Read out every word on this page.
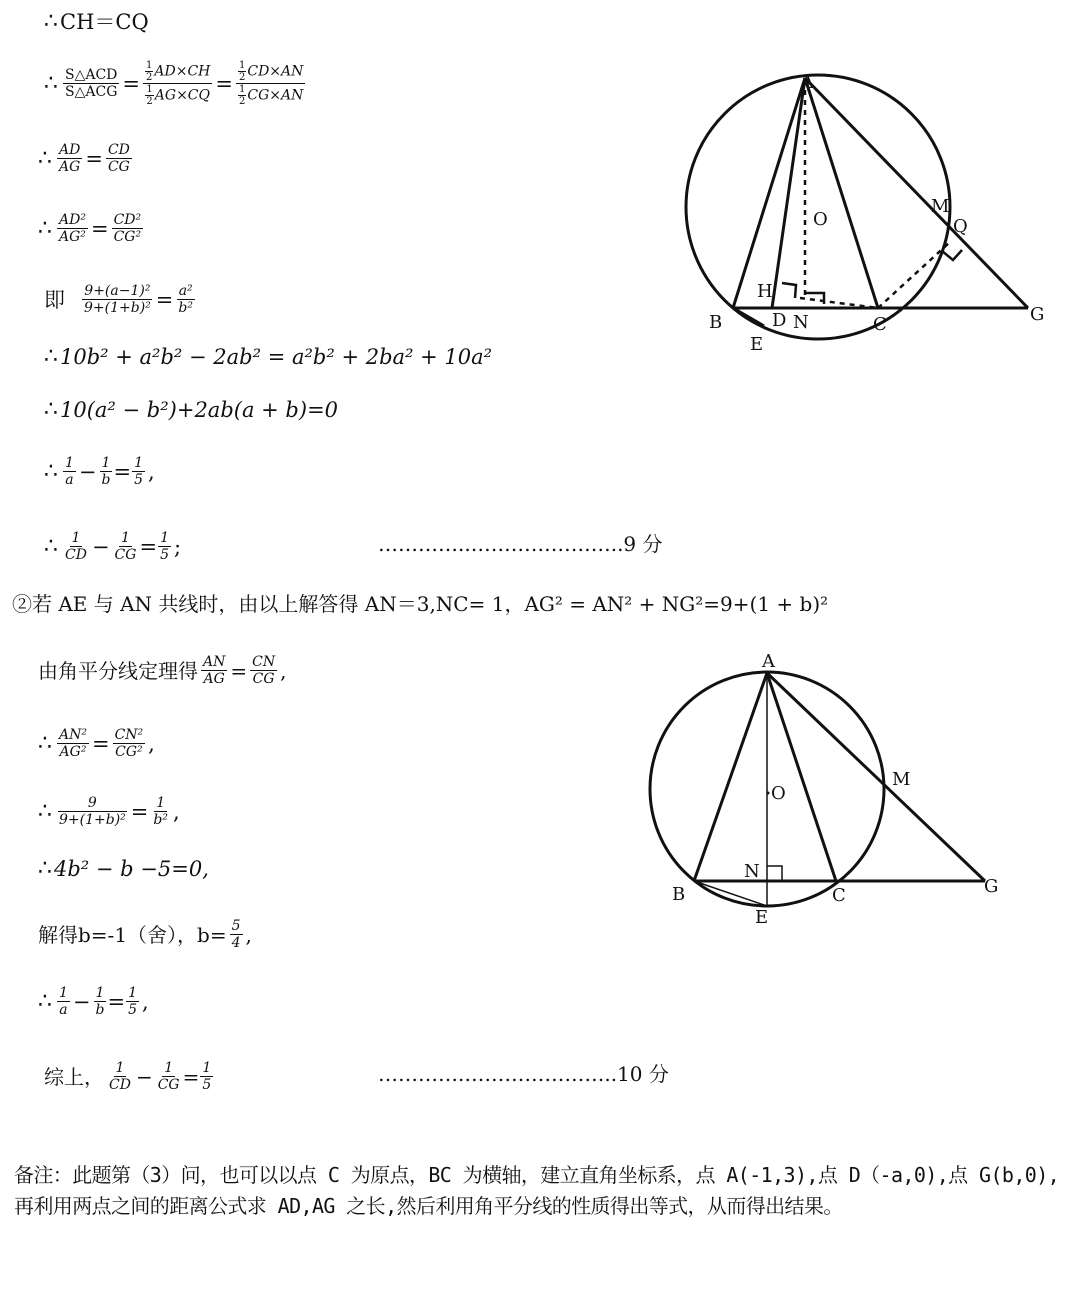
∴ CH＝CQ
∴ $\frac{\text{S△ACD}}{\text{S△ACG}} = \frac{\frac{1}{2} AD\times CH}{\frac{1}{2} AG\times CQ} = \frac{\frac{1}{2} CD\times AN}{\frac{1}{2} CG\times AN}$
∴ $\frac{AD}{AG} = \frac{CD}{CG}$
∴ $\frac{\text{AD²}}{\text{AG²}} = \frac{\text{CD²}}{\text{CG²}}$
即 $\frac{\text{9+(a−1)²}}{\text{9+(1+b)²}} = \frac{\text{a²}}{\text{b²}}$
∴ 10b² + a²b² − 2ab² = a²b² + 2ba² + 10a²
∴ 10(a² − b²)+2ab(a + b)=0
∴ $\frac{1}{a} - \frac{1}{b} = \frac{1}{5}$ ,
∴ $\frac{1}{CD} - \frac{1}{CG} = \frac{1}{5}$ ;	…………..…………………..9 分
②若 AE 与 AN 共线时，由以上解答得 AN＝3,NC= 1，AG² = AN² + NG²=9+(1 + b)²
由角平分线定理得 $\frac{AN}{AG} = \frac{CN}{CG}$ ,
∴ $\frac{\text{AN²}}{\text{AG²}} = \frac{\text{CN²}}{\text{CG²}}$ ,
∴ $\frac{9}{\text{9+(1+b)²}} = \frac{1}{\text{b²}}$ ,
∴ 4b² − b −5=0,
解得b=-1（舍），$b= \frac{5}{4}$ ,
∴ $\frac{1}{a} - \frac{1}{b} = \frac{1}{5}$ ,
综上， $\frac{1}{CD} - \frac{1}{CG} = \frac{1}{5}$	………….…………………..10 分
备注：此题第（3）问，也可以以点 C 为原点，BC 为横轴，建立直角坐标系，点 A(-1,3),点 D（-a,0),点 G(b,0),再利用两点之间的距离公式求 AD,AG 之长,然后利用角平分线的性质得出等式，从而得出结果。
A
O
M
Q
H
B	D N	C	G
E
A
O
M
N
B	C
E
G
